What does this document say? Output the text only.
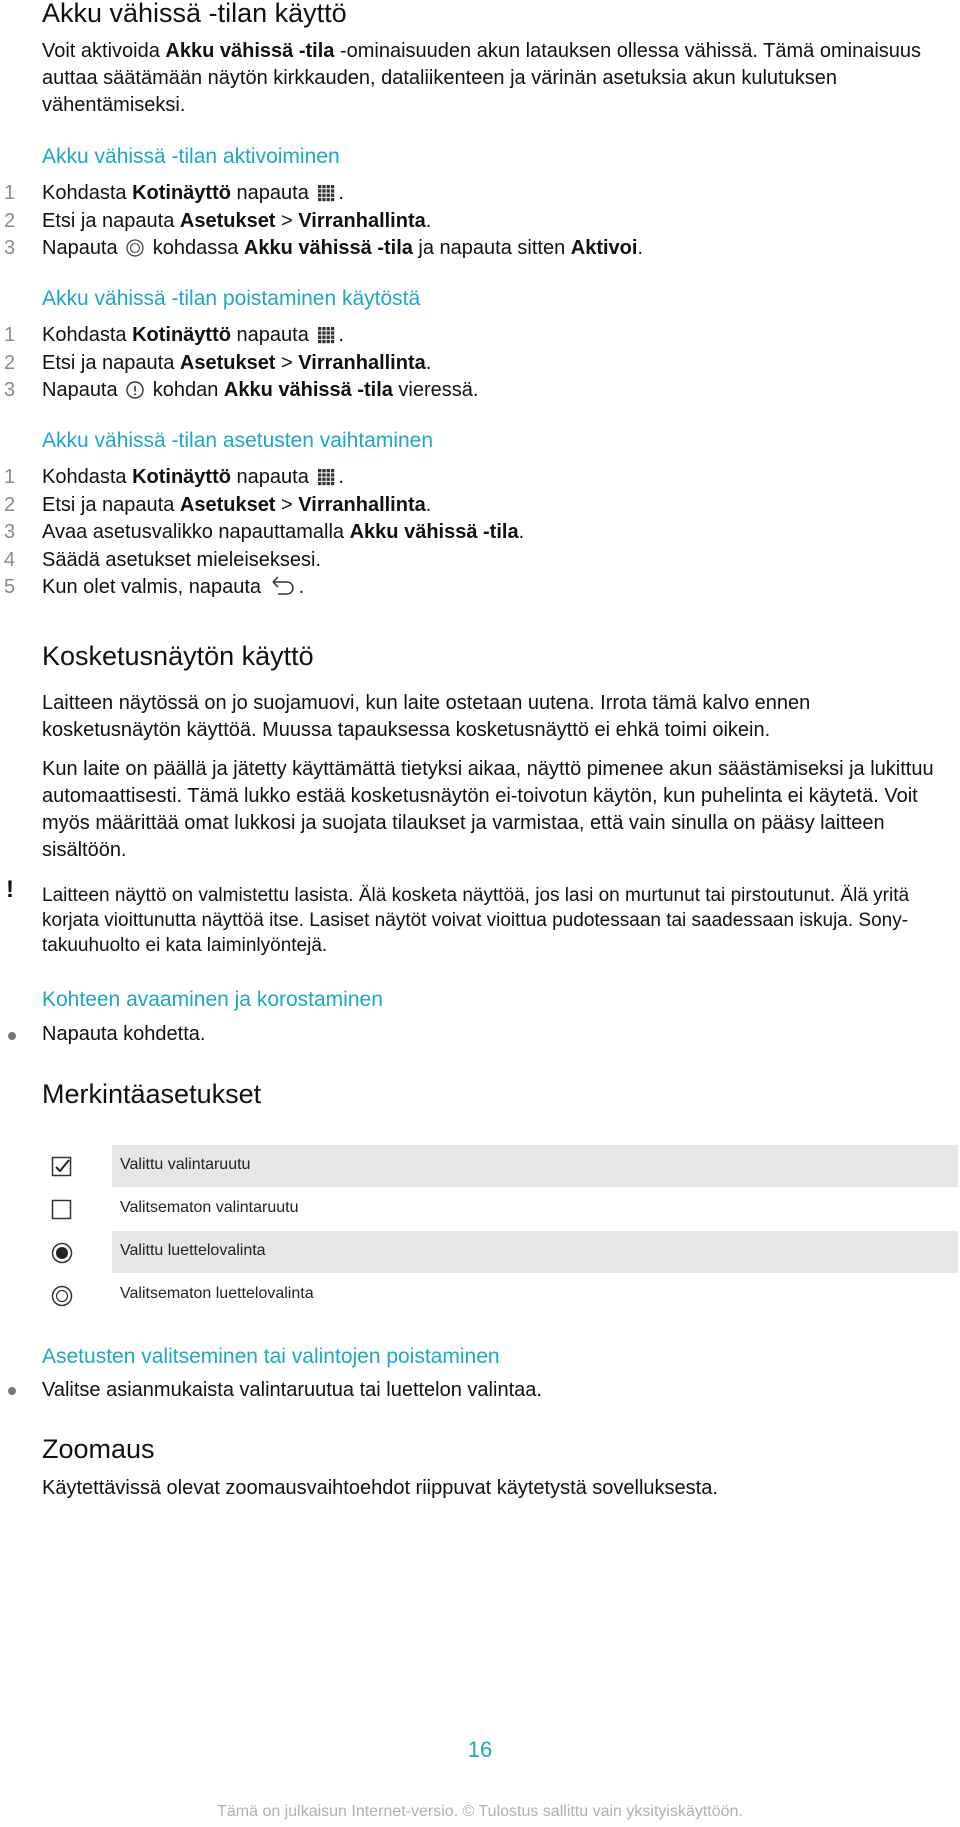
Akku vähissä -tilan käyttö
Voit aktivoida Akku vähissä -tila -ominaisuuden akun latauksen ollessa vähissä. Tämä ominaisuus auttaa säätämään näytön kirkkauden, dataliikenteen ja värinän asetuksia akun kulutuksen vähentämiseksi.
Akku vähissä -tilan aktivoiminen
Akku vähissä -tilan poistaminen käytöstä
Akku vähissä -tilan asetusten vaihtaminen
Kosketusnäytön käyttö
Laitteen näytössä on jo suojamuovi, kun laite ostetaan uutena. Irrota tämä kalvo ennen kosketusnäytön käyttöä. Muussa tapauksessa kosketusnäyttö ei ehkä toimi oikein.
Kun laite on päällä ja jätetty käyttämättä tietyksi aikaa, näyttö pimenee akun säästämiseksi ja lukittuu automaattisesti. Tämä lukko estää kosketusnäytön ei-toivotun käytön, kun puhelinta ei käytetä. Voit myös määrittää omat lukkosi ja suojata tilaukset ja varmistaa, että vain sinulla on pääsy laitteen sisältöön.
! Laitteen näyttö on valmistettu lasista. Älä kosketa näyttöä, jos lasi on murtunut tai pirstoutunut. Älä yritä korjata vioittunutta näyttöä itse. Lasiset näytöt voivat vioittua pudotessaan tai saadessaan iskuja. Sony-takuuhuolto ei kata laiminlyöntejä.
Kohteen avaaminen ja korostaminen
Napauta kohdetta.
Merkintäasetukset
Valittu valintaruutu
Valitsematon valintaruutu
Valittu luettelovalinta
Valitsematon luettelovalinta
Asetusten valitseminen tai valintojen poistaminen
Valitse asianmukaista valintaruutua tai luettelon valintaa.
Zoomaus
Käytettävissä olevat zoomausvaihtoehdot riippuvat käytetystä sovelluksesta.
16
Tämä on julkaisun Internet-versio. © Tulostus sallittu vain yksityiskäyttöön.
1	Kohdasta Kotinäyttö napauta .
2	Etsi ja napauta Asetukset > Virranhallinta.
3	Napauta  kohdassa Akku vähissä -tila ja napauta sitten Aktivoi.
1	Kohdasta Kotinäyttö napauta .
2	Etsi ja napauta Asetukset > Virranhallinta.
3	Napauta  kohdan Akku vähissä -tila vieressä.
1	Kohdasta Kotinäyttö napauta .
2	Etsi ja napauta Asetukset > Virranhallinta.
3	Avaa asetusvalikko napauttamalla Akku vähissä -tila.
4	Säädä asetukset mieleiseksesi.
5	Kun olet valmis, napauta .
